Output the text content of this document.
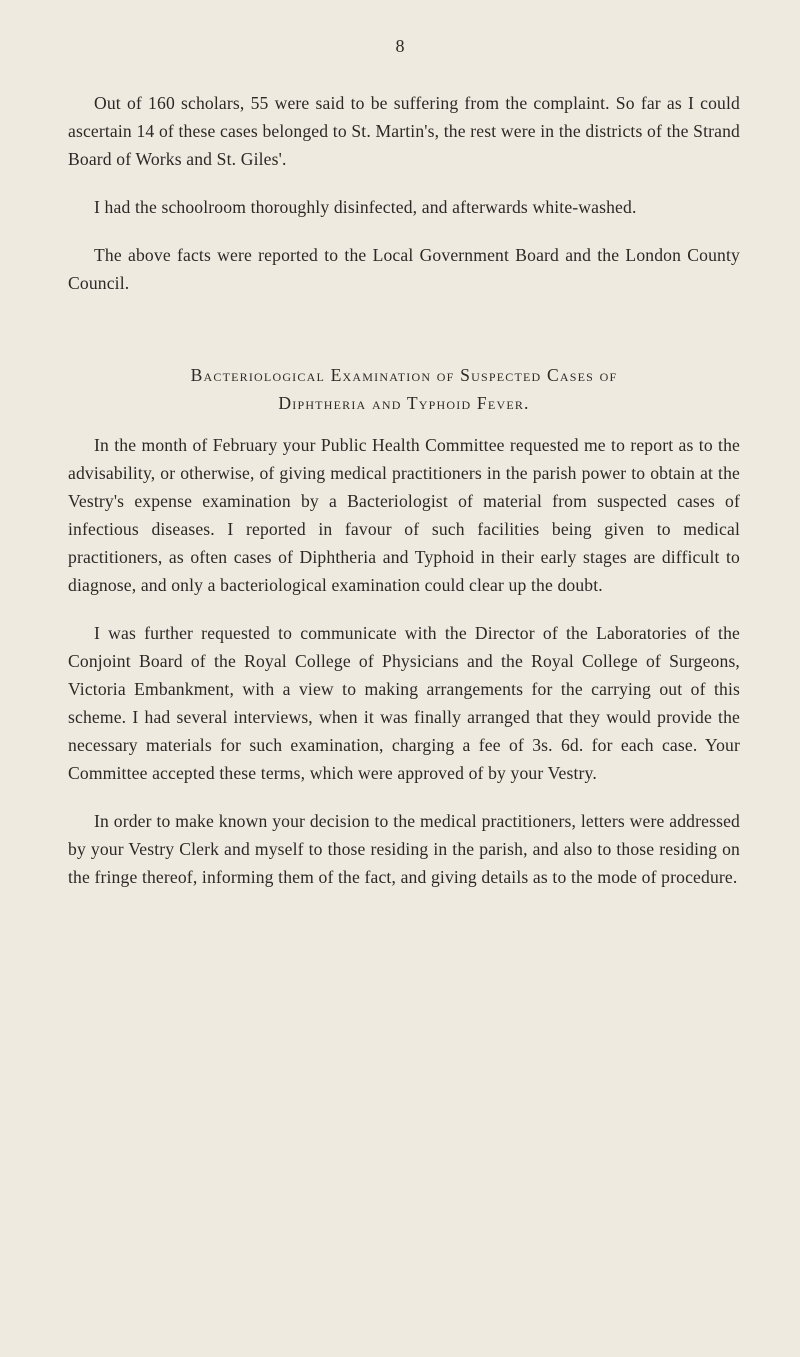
8

Out of 160 scholars, 55 were said to be suffering from the complaint. So far as I could ascertain 14 of these cases belonged to St. Martin's, the rest were in the districts of the Strand Board of Works and St. Giles'.

I had the schoolroom thoroughly disinfected, and afterwards white-washed.

The above facts were reported to the Local Government Board and the London County Council.

Bacteriological Examination of Suspected Cases of
Diphtheria and Typhoid Fever.

In the month of February your Public Health Committee requested me to report as to the advisability, or otherwise, of giving medical practitioners in the parish power to obtain at the Vestry's expense examination by a Bacteriologist of material from suspected cases of infectious diseases. I reported in favour of such facilities being given to medical practitioners, as often cases of Diphtheria and Typhoid in their early stages are difficult to diagnose, and only a bacteriological examination could clear up the doubt.

I was further requested to communicate with the Director of the Laboratories of the Conjoint Board of the Royal College of Physicians and the Royal College of Surgeons, Victoria Embankment, with a view to making arrangements for the carrying out of this scheme. I had several interviews, when it was finally arranged that they would provide the necessary materials for such examination, charging a fee of 3s. 6d. for each case. Your Committee accepted these terms, which were approved of by your Vestry.

In order to make known your decision to the medical practitioners, letters were addressed by your Vestry Clerk and myself to those residing in the parish, and also to those residing on the fringe thereof, informing them of the fact, and giving details as to the mode of procedure.
